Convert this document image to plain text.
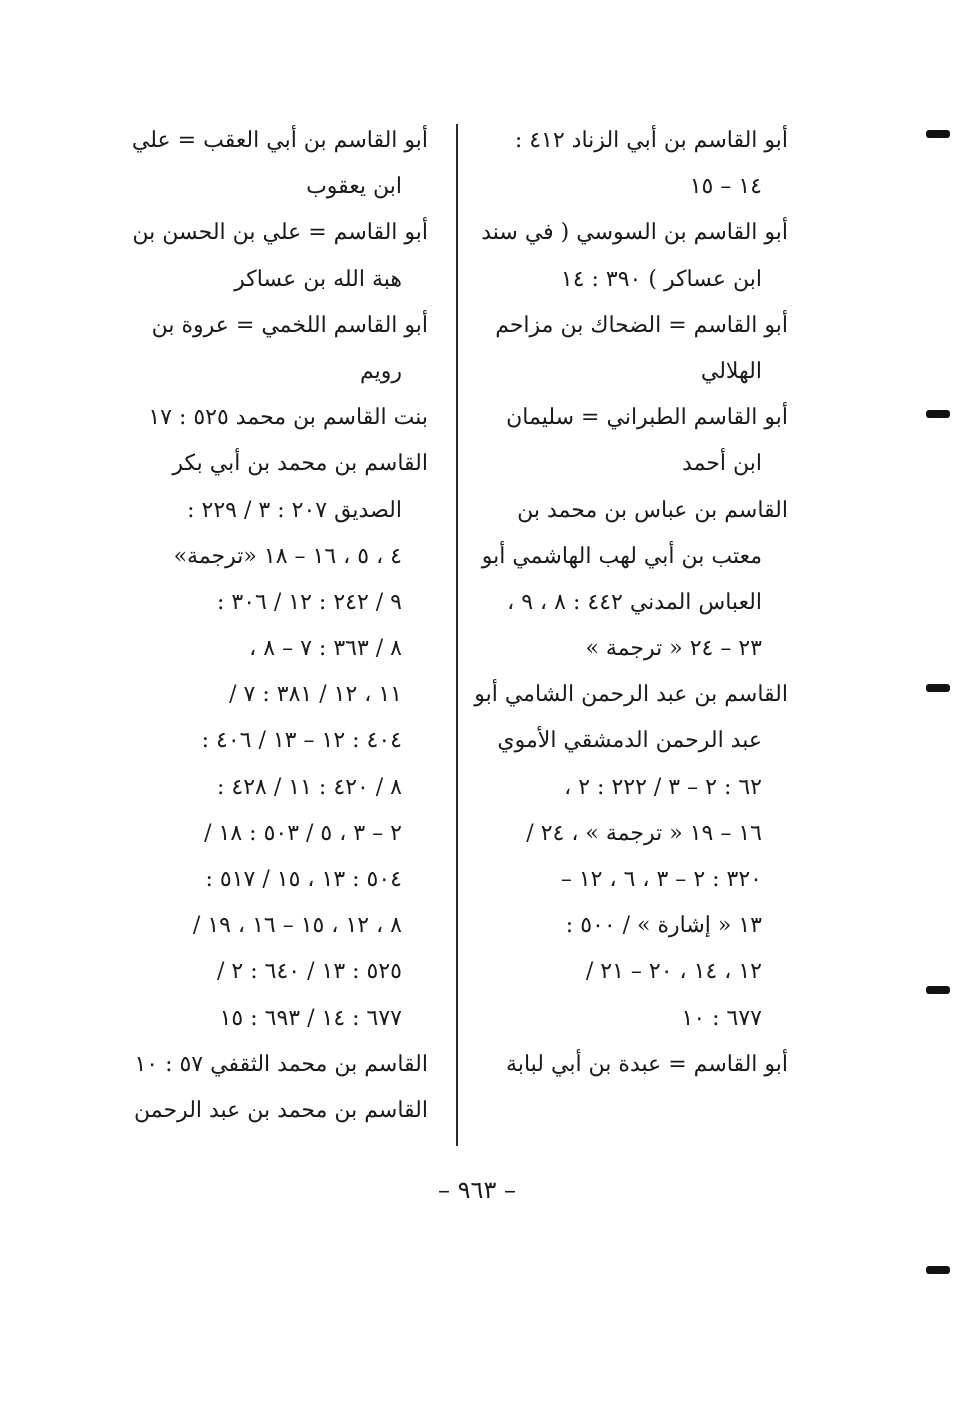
أبو القاسم بن أبي الزناد ٤١٢ :
١٤ – ١٥
أبو القاسم بن السوسي ( في سند
ابن عساكر ) ٣٩٠ : ١٤
أبو القاسم = الضحاك بن مزاحم
الهلالي
أبو القاسم الطبراني = سليمان
ابن أحمد
القاسم بن عباس بن محمد بن
معتب بن أبي لهب الهاشمي أبو
العباس المدني ٤٤٢ : ٨ ، ٩ ،
٢٣ – ٢٤ « ترجمة »
القاسم بن عبد الرحمن الشامي أبو
عبد الرحمن الدمشقي الأموي
٦٢ : ٢ – ٣ / ٢٢٢ : ٢ ،
١٦ – ١٩ « ترجمة » ، ٢٤ /
٣٢٠ : ٢ – ٣ ، ٦ ، ١٢ –
١٣ « إشارة » / ٥٠٠ :
١٢ ، ١٤ ، ٢٠ – ٢١ /
٦٧٧ : ١٠
أبو القاسم = عبدة بن أبي لبابة
أبو القاسم بن أبي العقب = علي
ابن يعقوب
أبو القاسم = علي بن الحسن بن
هبة الله بن عساكر
أبو القاسم اللخمي = عروة بن
رويم
بنت القاسم بن محمد ٥٢٥ : ١٧
القاسم بن محمد بن أبي بكر
الصديق ٢٠٧ : ٣ / ٢٢٩ :
٤ ، ٥ ، ١٦ – ١٨ «ترجمة»
٩ / ٢٤٢ : ١٢ / ٣٠٦ :
٨ / ٣٦٣ : ٧ – ٨ ،
١١ ، ١٢ / ٣٨١ : ٧ /
٤٠٤ : ١٢ – ١٣ / ٤٠٦ :
٨ / ٤٢٠ : ١١ / ٤٢٨ :
٢ – ٣ ، ٥ / ٥٠٣ : ١٨ /
٥٠٤ : ١٣ ، ١٥ / ٥١٧ :
٨ ، ١٢ ، ١٥ – ١٦ ، ١٩ /
٥٢٥ : ١٣ / ٦٤٠ : ٢ /
٦٧٧ : ١٤ / ٦٩٣ : ١٥
القاسم بن محمد الثقفي ٥٧ : ١٠
القاسم بن محمد بن عبد الرحمن
– ٩٦٣ –
